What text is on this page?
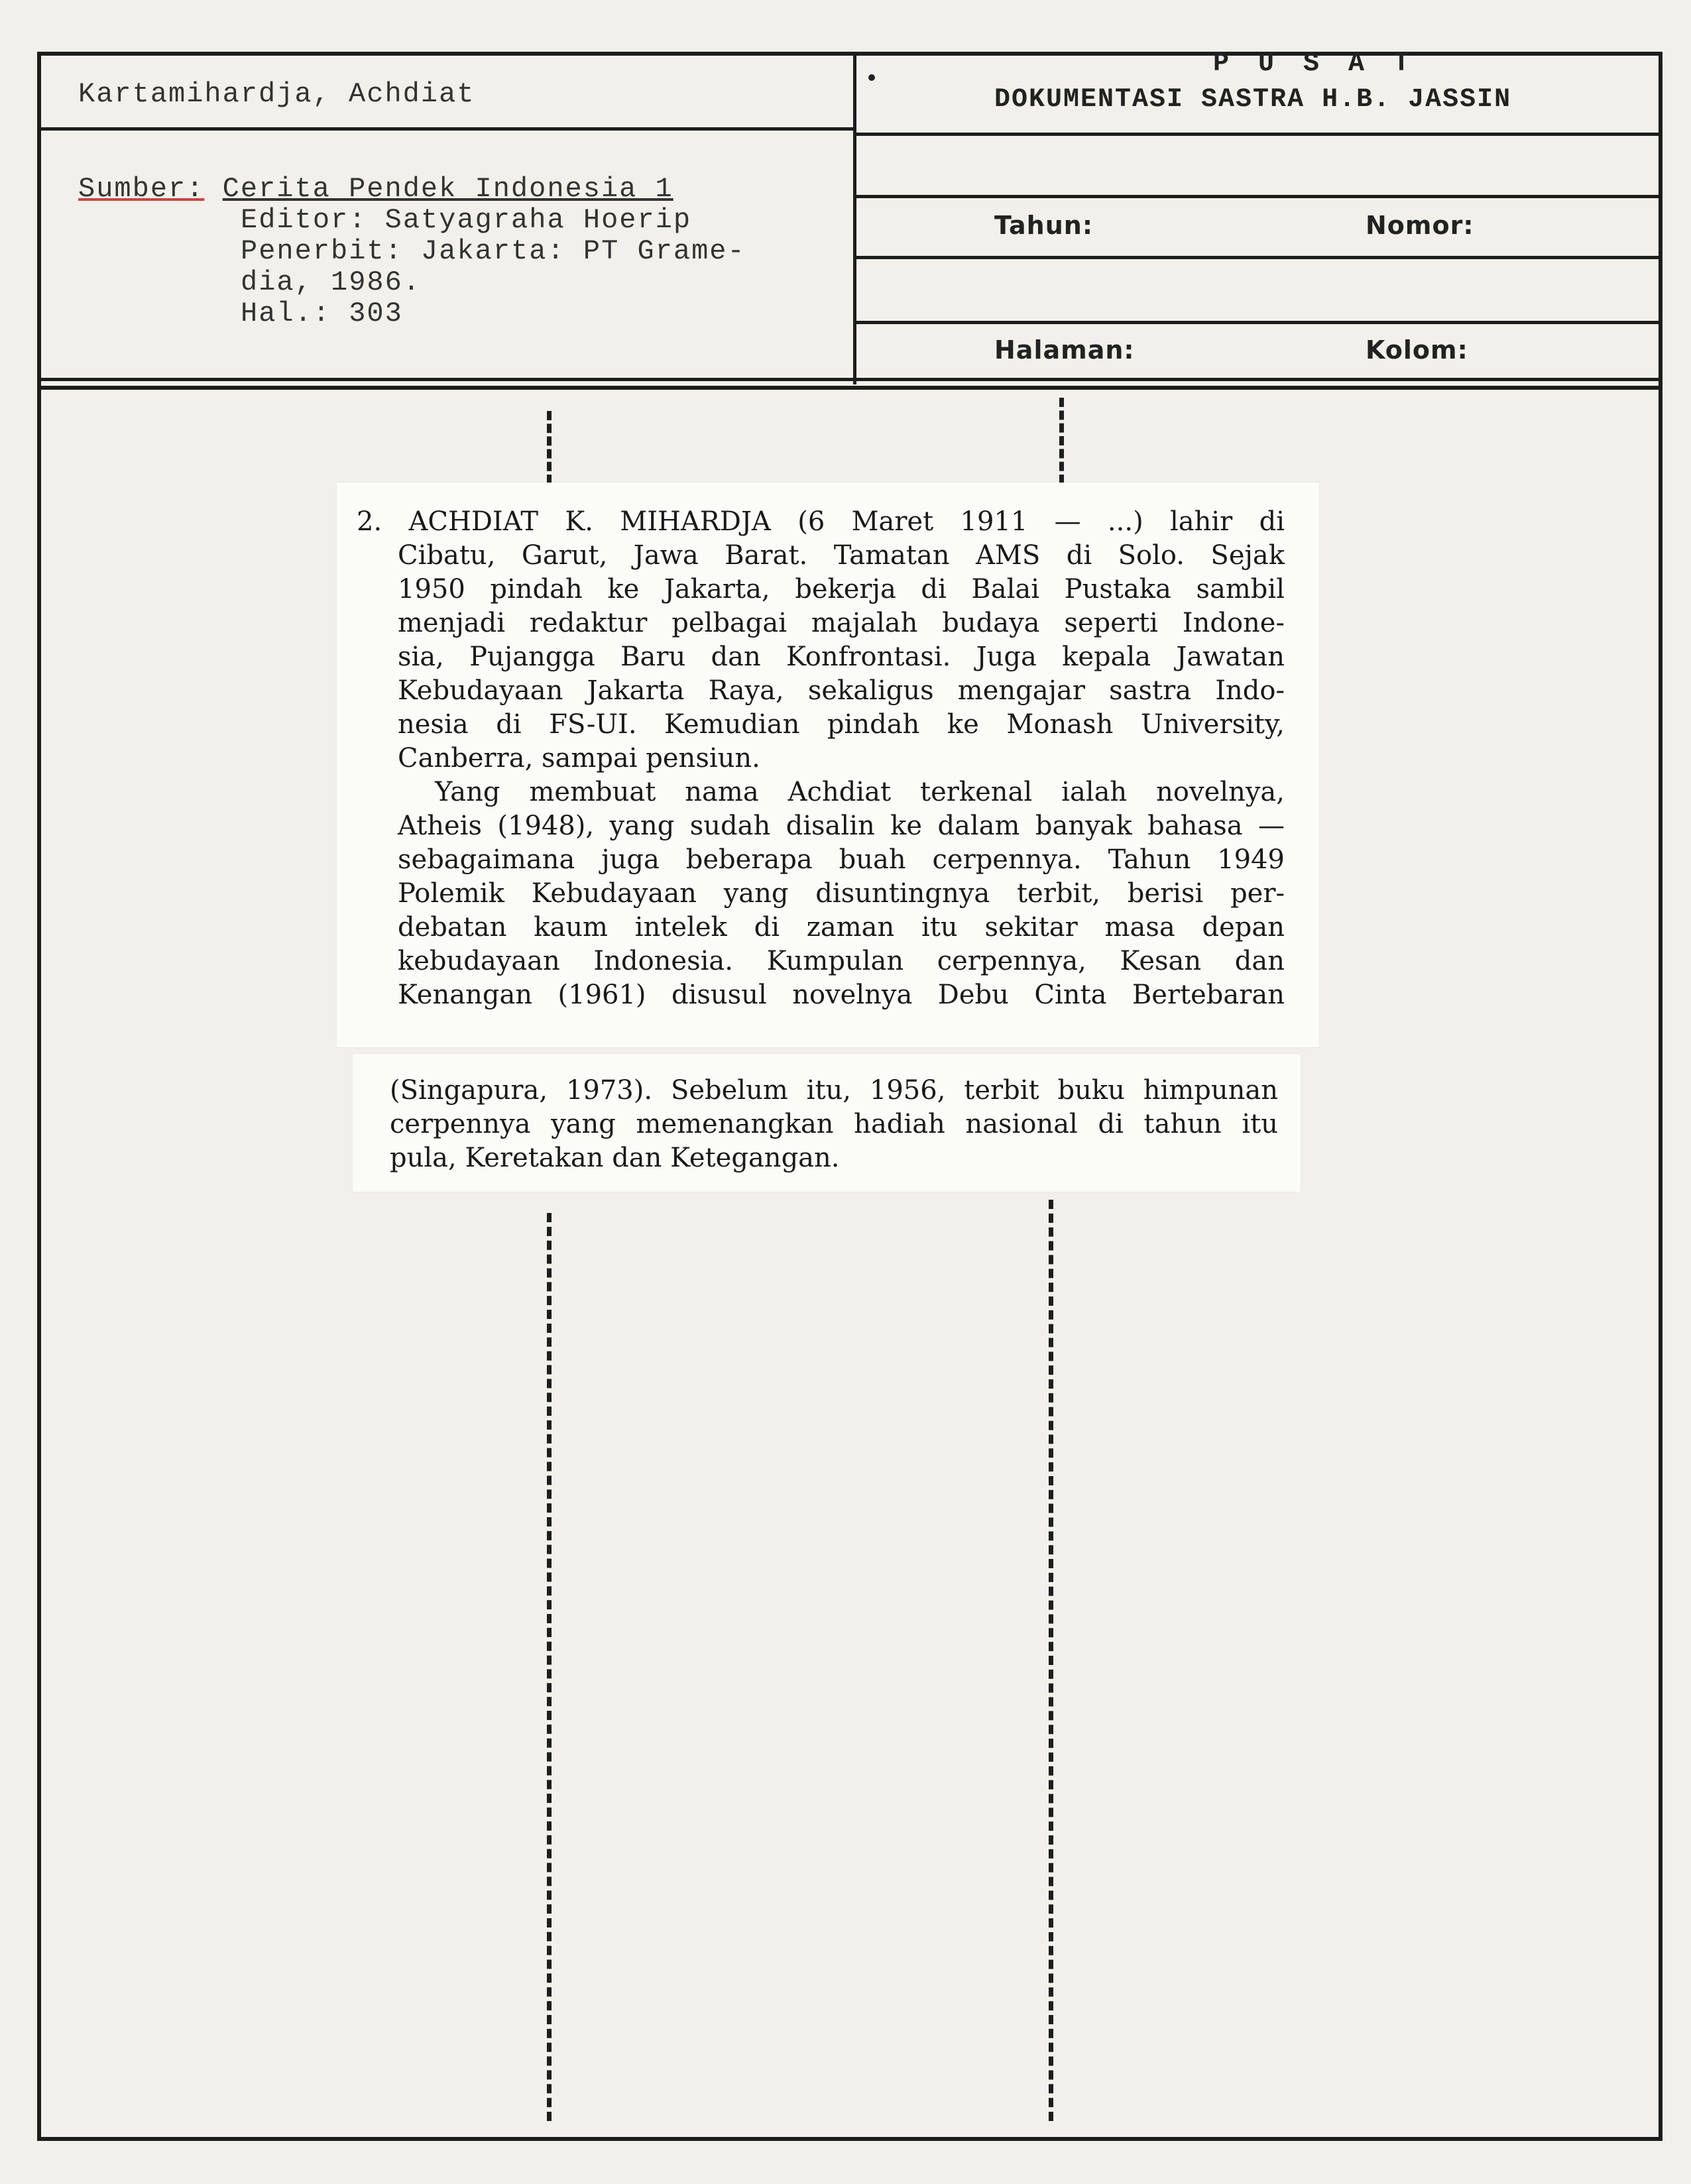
Kartamihardja, Achdiat
P U S A T
DOKUMENTASI SASTRA H.B. JASSIN
Sumber: Cerita Pendek Indonesia 1
Editor: Satyagraha Hoerip
Penerbit: Jakarta: PT Grame-
dia, 1986.
Hal.: 303
Tahun:	Nomor:
Halaman:	Kolom:

2. ACHDIAT K. MIHARDJA (6 Maret 1911 — ...) lahir di

Cibatu, Garut, Jawa Barat. Tamatan AMS di Solo. Sejak

1950 pindah ke Jakarta, bekerja di Balai Pustaka sambil

menjadi redaktur pelbagai majalah budaya seperti Indone-

sia, Pujangga Baru dan Konfrontasi. Juga kepala Jawatan

Kebudayaan Jakarta Raya, sekaligus mengajar sastra Indo-

nesia di FS-UI. Kemudian pindah ke Monash University,

Canberra, sampai pensiun.

Yang membuat nama Achdiat terkenal ialah novelnya,

Atheis (1948), yang sudah disalin ke dalam banyak bahasa —

sebagaimana juga beberapa buah cerpennya. Tahun 1949

Polemik Kebudayaan yang disuntingnya terbit, berisi per-

debatan kaum intelek di zaman itu sekitar masa depan

kebudayaan Indonesia. Kumpulan cerpennya, Kesan dan

Kenangan (1961) disusul novelnya Debu Cinta Bertebaran

(Singapura, 1973). Sebelum itu, 1956, terbit buku himpunan

cerpennya yang memenangkan hadiah nasional di tahun itu

pula, Keretakan dan Ketegangan.
